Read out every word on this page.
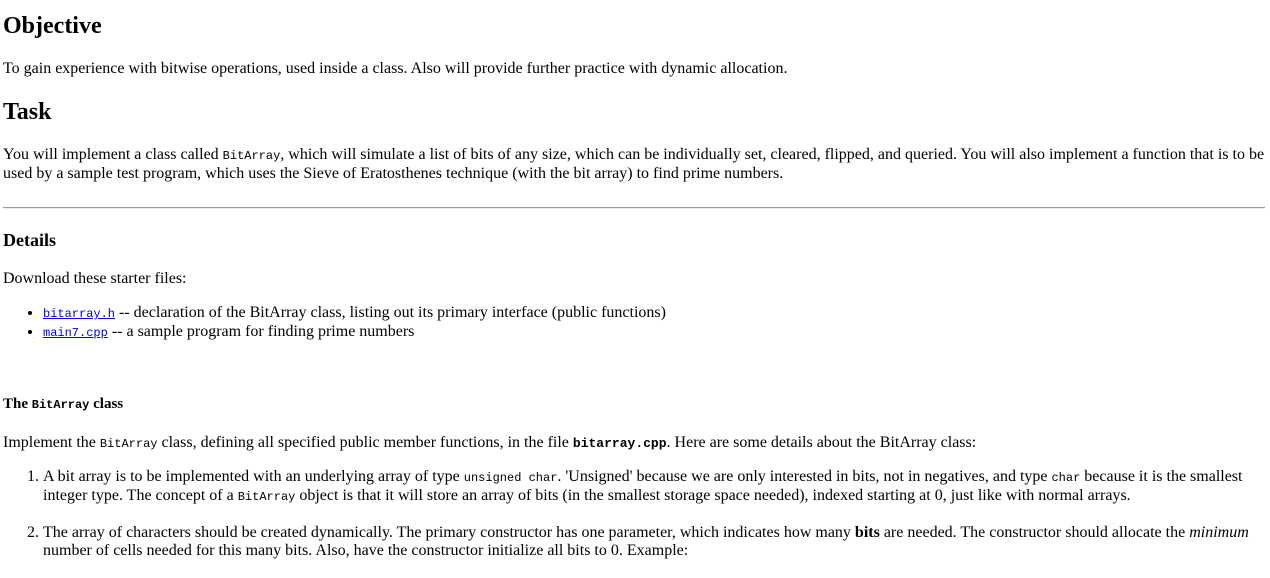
Objective

To gain experience with bitwise operations, used inside a class. Also will provide further practice with dynamic allocation.

Task

You will implement a class called BitArray, which will simulate a list of bits of any size, which can be individually set, cleared, flipped, and queried. You will also implement a function that is to be used by a sample test program, which uses the Sieve of Eratosthenes technique (with the bit array) to find prime numbers.

Details

Download these starter files:

• bitarray.h -- declaration of the BitArray class, listing out its primary interface (public functions)
• main7.cpp -- a sample program for finding prime numbers
The BitArray class

Implement the BitArray class, defining all specified public member functions, in the file bitarray.cpp. Here are some details about the BitArray class:

1. A bit array is to be implemented with an underlying array of type unsigned char. 'Unsigned' because we are only interested in bits, not in negatives, and type char because it is the smallest integer type. The concept of a BitArray object is that it will store an array of bits (in the smallest storage space needed), indexed starting at 0, just like with normal arrays.
2. The array of characters should be created dynamically. The primary constructor has one parameter, which indicates how many bits are needed. The constructor should allocate the minimum number of cells needed for this many bits. Also, have the constructor initialize all bits to 0. Example:
